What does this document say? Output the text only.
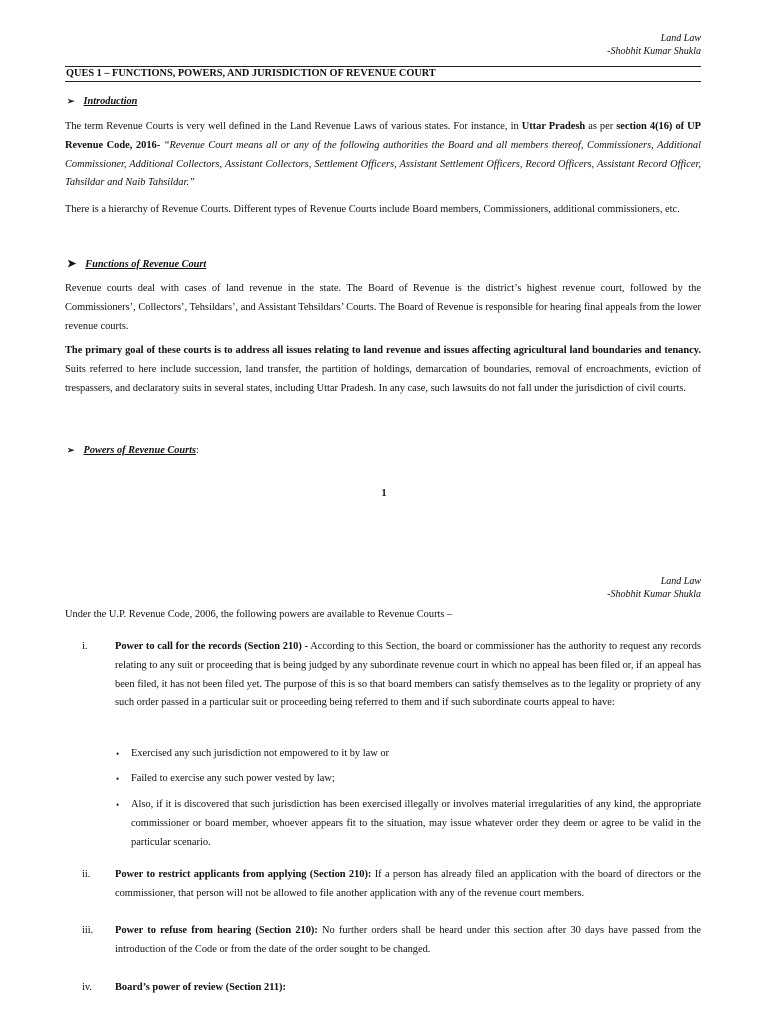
Land Law
-Shobhit Kumar Shukla
QUES 1 – FUNCTIONS, POWERS, AND JURISDICTION OF REVENUE COURT
➢ Introduction

The term Revenue Courts is very well defined in the Land Revenue Laws of various states. For instance, in Uttar Pradesh as per section 4(16) of UP Revenue Code, 2016- “Revenue Court means all or any of the following authorities the Board and all members thereof, Commissioners, Additional Commissioner, Additional Collectors, Assistant Collectors, Settlement Officers, Assistant Settlement Officers, Record Officers, Assistant Record Officer, Tahsildar and Naib Tahsildar.”

There is a hierarchy of Revenue Courts. Different types of Revenue Courts include Board members, Commissioners, additional commissioners, etc.

➤ Functions of Revenue Court

Revenue courts deal with cases of land revenue in the state. The Board of Revenue is the district’s highest revenue court, followed by the Commissioners’, Collectors’, Tehsildars’, and Assistant Tehsildars’ Courts. The Board of Revenue is responsible for hearing final appeals from the lower revenue courts.

The primary goal of these courts is to address all issues relating to land revenue and issues affecting agricultural land boundaries and tenancy. Suits referred to here include succession, land transfer, the partition of holdings, demarcation of boundaries, removal of encroachments, eviction of trespassers, and declaratory suits in several states, including Uttar Pradesh. In any case, such lawsuits do not fall under the jurisdiction of civil courts.

➢ Powers of Revenue Courts:
1
Land Law
-Shobhit Kumar Shukla

Under the U.P. Revenue Code, 2006, the following powers are available to Revenue Courts –

i.	Power to call for the records (Section 210) - According to this Section, the board or commissioner has the authority to request any records relating to any suit or proceeding that is being judged by any subordinate revenue court in which no appeal has been filed or, if an appeal has been filed, it has not been filed yet. The purpose of this is so that board members can satisfy themselves as to the legality or propriety of any such order passed in a particular suit or proceeding being referred to them and if such subordinate courts appeal to have:
• Exercised any such jurisdiction not empowered to it by law or
• Failed to exercise any such power vested by law;
• Also, if it is discovered that such jurisdiction has been exercised illegally or involves material irregularities of any kind, the appropriate commissioner or board member, whoever appears fit to the situation, may issue whatever order they deem or agree to be valid in the particular scenario.
ii. Power to restrict applicants from applying (Section 210): If a person has already filed an application with the board of directors or the commissioner, that person will not be allowed to file another application with any of the revenue court members.
iii. Power to refuse from hearing (Section 210): No further orders shall be heard under this section after 30 days have passed from the introduction of the Code or from the date of the order sought to be changed.
iv. Board’s power of review (Section 211):
